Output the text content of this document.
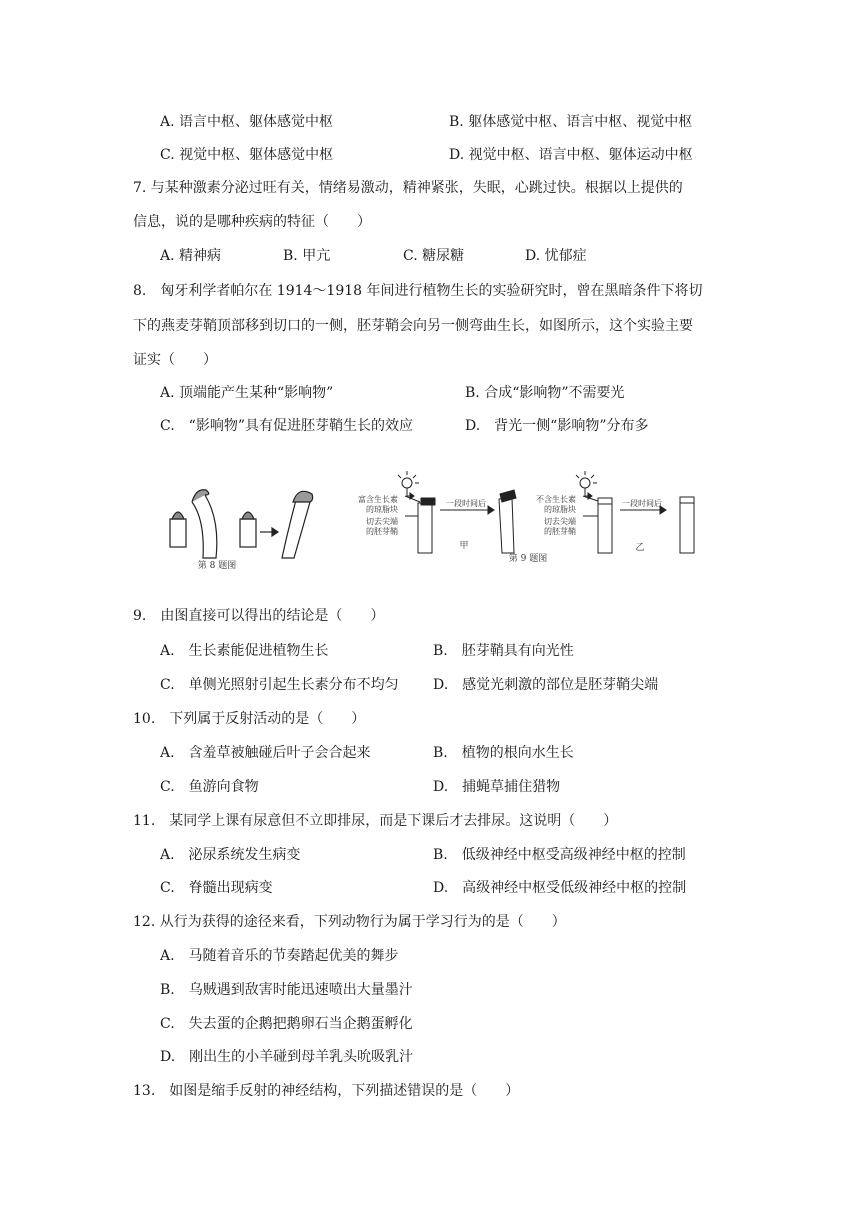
A. 语言中枢、躯体感觉中枢	B. 躯体感觉中枢、语言中枢、视觉中枢
C. 视觉中枢、躯体感觉中枢	D. 视觉中枢、语言中枢、躯体运动中枢
7. 与某种激素分泌过旺有关，情绪易激动，精神紧张，失眠，心跳过快。根据以上提供的
信息，说的是哪种疾病的特征（　　）
A. 精神病	B. 甲亢	C. 糖尿糖	D. 忧郁症
8.　匈牙利学者帕尔在 1914～1918 年间进行植物生长的实验研究时，曾在黑暗条件下将切
下的燕麦芽鞘顶部移到切口的一侧，胚芽鞘会向另一侧弯曲生长，如图所示，这个实验主要
证实（　　）
A. 顶端能产生某种“影响物”	B. 合成“影响物”不需要光
C.　“影响物”具有促进胚芽鞘生长的效应	D.　背光一侧“影响物”分布多
第 8 题图
富含生长素
的琼脂块
切去尖端
的胚芽鞘
一段时间后
甲
第 9 题图
不含生长素
的琼脂块
切去尖端
的胚芽鞘
一段时间后
乙
9.　由图直接可以得出的结论是（　　）
A.　生长素能促进植物生长	B.　胚芽鞘具有向光性
C.　单侧光照射引起生长素分布不均匀 D.　感觉光刺激的部位是胚芽鞘尖端
10.　下列属于反射活动的是（　　）
A.　含羞草被触碰后叶子会合起来	B.　植物的根向水生长
C.　鱼游向食物	D.　捕蝇草捕住猎物
11.　某同学上课有尿意但不立即排尿，而是下课后才去排尿。这说明（　　）
A.　泌尿系统发生病变	B.　低级神经中枢受高级神经中枢的控制
C.　脊髓出现病变	D.　高级神经中枢受低级神经中枢的控制
12. 从行为获得的途径来看，下列动物行为属于学习行为的是（　　）
A.　马随着音乐的节奏踏起优美的舞步
B.　乌贼遇到敌害时能迅速喷出大量墨汁
C.　失去蛋的企鹅把鹅卵石当企鹅蛋孵化
D.　刚出生的小羊碰到母羊乳头吮吸乳汁
13.　如图是缩手反射的神经结构，下列描述错误的是（　　）
